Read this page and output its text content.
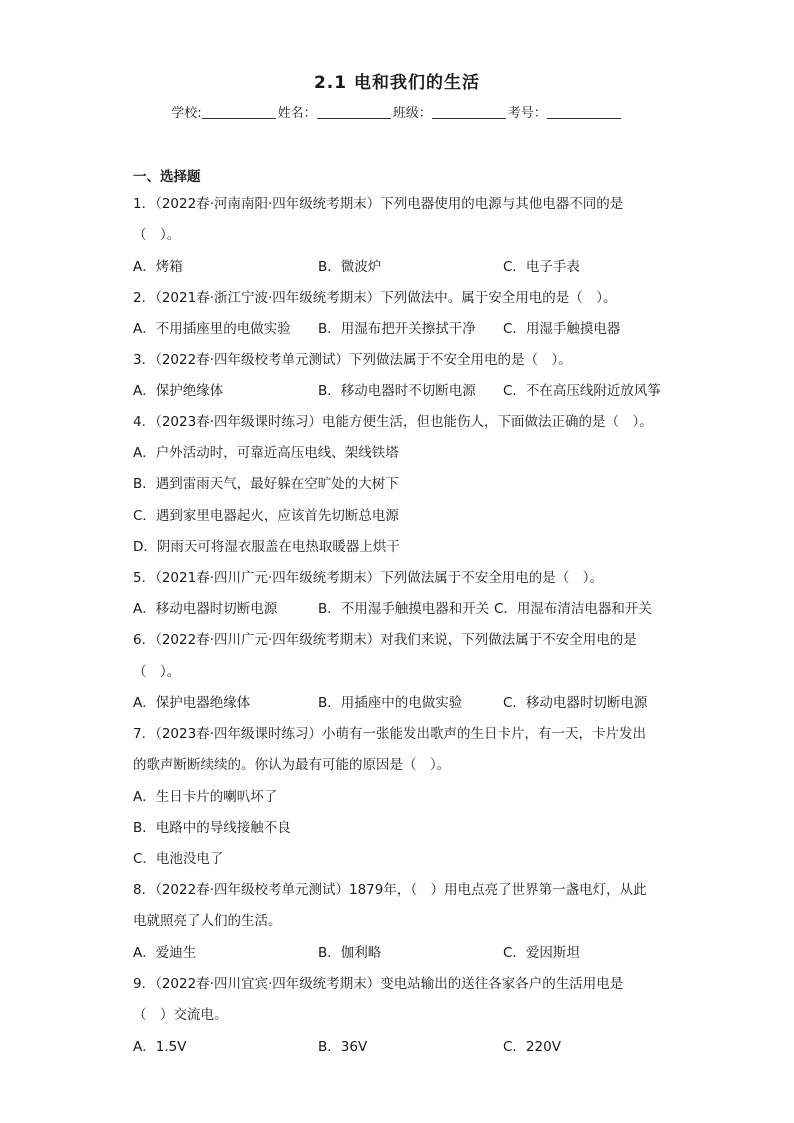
2.1 电和我们的生活
学校:	姓名：	班级：	考号：
一、选择题
1．（2022春·河南南阳·四年级统考期末）下列电器使用的电源与其他电器不同的是
（　）。
A．烤箱	B．微波炉	C．电子手表
2．（2021春·浙江宁波·四年级统考期末）下列做法中。属于安全用电的是（　）。
A．不用插座里的电做实验 B．用湿布把开关擦拭干净 C．用湿手触摸电器
3．（2022春·四年级校考单元测试）下列做法属于不安全用电的是（　）。
A．保护绝缘体	B．移动电器时不切断电源 C．不在高压线附近放风筝
4．（2023春·四年级课时练习）电能方便生活，但也能伤人，下面做法正确的是（　）。
A．户外活动时，可靠近高压电线、架线铁塔
B．遇到雷雨天气，最好躲在空旷处的大树下
C．遇到家里电器起火，应该首先切断总电源
D．阴雨天可将湿衣服盖在电热取暖器上烘干
5．（2021春·四川广元·四年级统考期末）下列做法属于不安全用电的是（　）。
A．移动电器时切断电源	B．不用湿手触摸电器和开关 C．用湿布清洁电器和开关
6．（2022春·四川广元·四年级统考期末）对我们来说，下列做法属于不安全用电的是
（　）。
A．保护电器绝缘体	B．用插座中的电做实验	C．移动电器时切断电源
7．（2023春·四年级课时练习）小萌有一张能发出歌声的生日卡片，有一天，卡片发出
的歌声断断续续的。你认为最有可能的原因是（　）。
A．生日卡片的喇叭坏了
B．电路中的导线接触不良
C．电池没电了
8．（2022春·四年级校考单元测试）1879年，（　）用电点亮了世界第一盏电灯，从此
电就照亮了人们的生活。
A．爱迪生	B．伽利略	C．爱因斯坦
9．（2022春·四川宜宾·四年级统考期末）变电站输出的送往各家各户的生活用电是
（　）交流电。
A．1.5V	B．36V	C．220V
